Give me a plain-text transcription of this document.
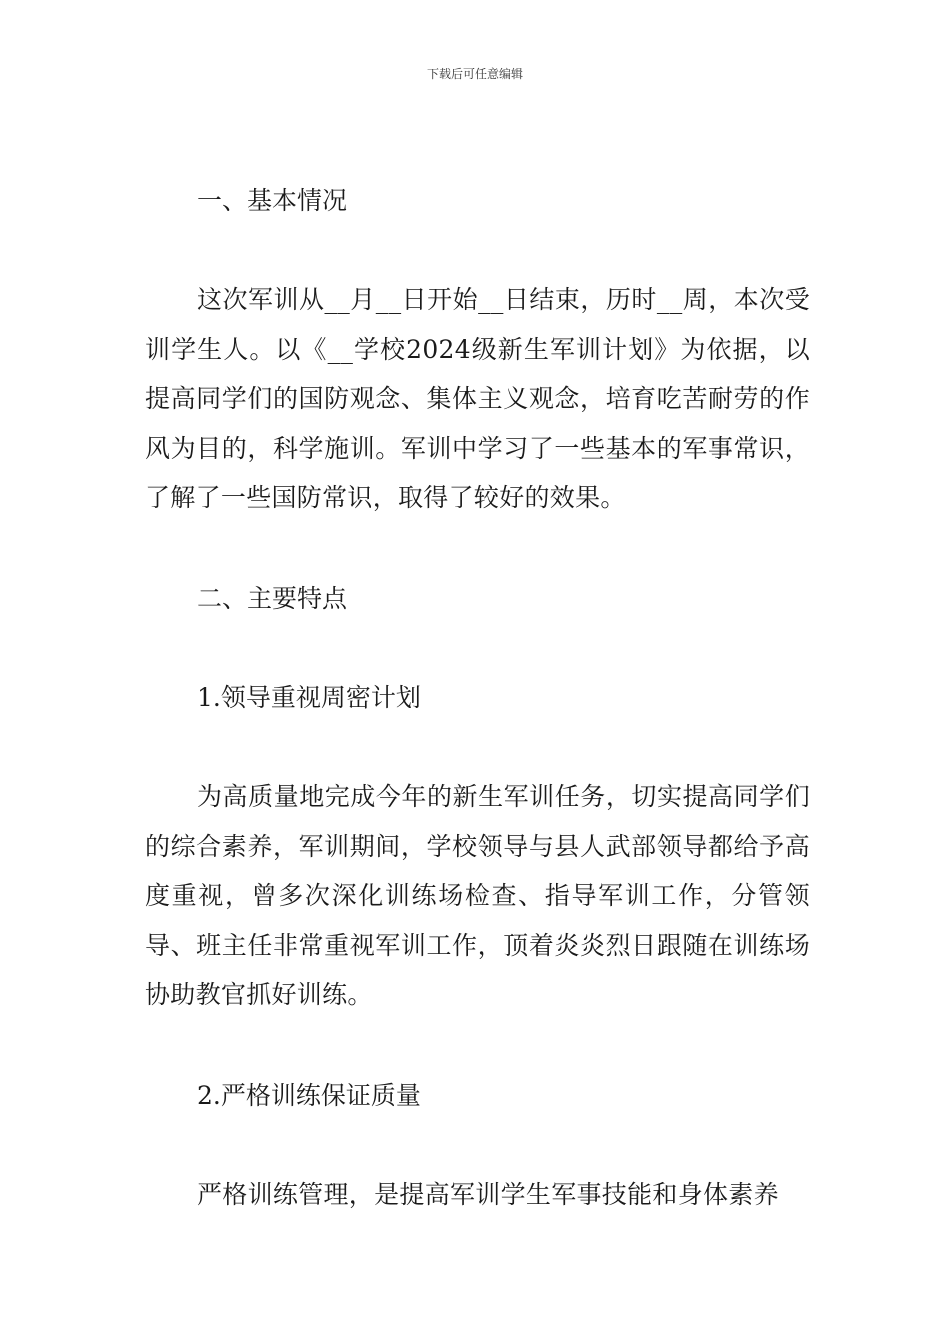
下载后可任意编辑
一、基本情况
这次军训从__月__日开始__日结束，历时__周，本次受训学生人。以《__学校2024级新生军训计划》为依据，以提高同学们的国防观念、集体主义观念，培育吃苦耐劳的作风为目的，科学施训。军训中学习了一些基本的军事常识，了解了一些国防常识，取得了较好的效果。
二、主要特点
1.领导重视周密计划
为高质量地完成今年的新生军训任务，切实提高同学们的综合素养，军训期间，学校领导与县人武部领导都给予高度重视，曾多次深化训练场检查、指导军训工作，分管领导、班主任非常重视军训工作，顶着炎炎烈日跟随在训练场协助教官抓好训练。
2.严格训练保证质量
严格训练管理，是提高军训学生军事技能和身体素养
